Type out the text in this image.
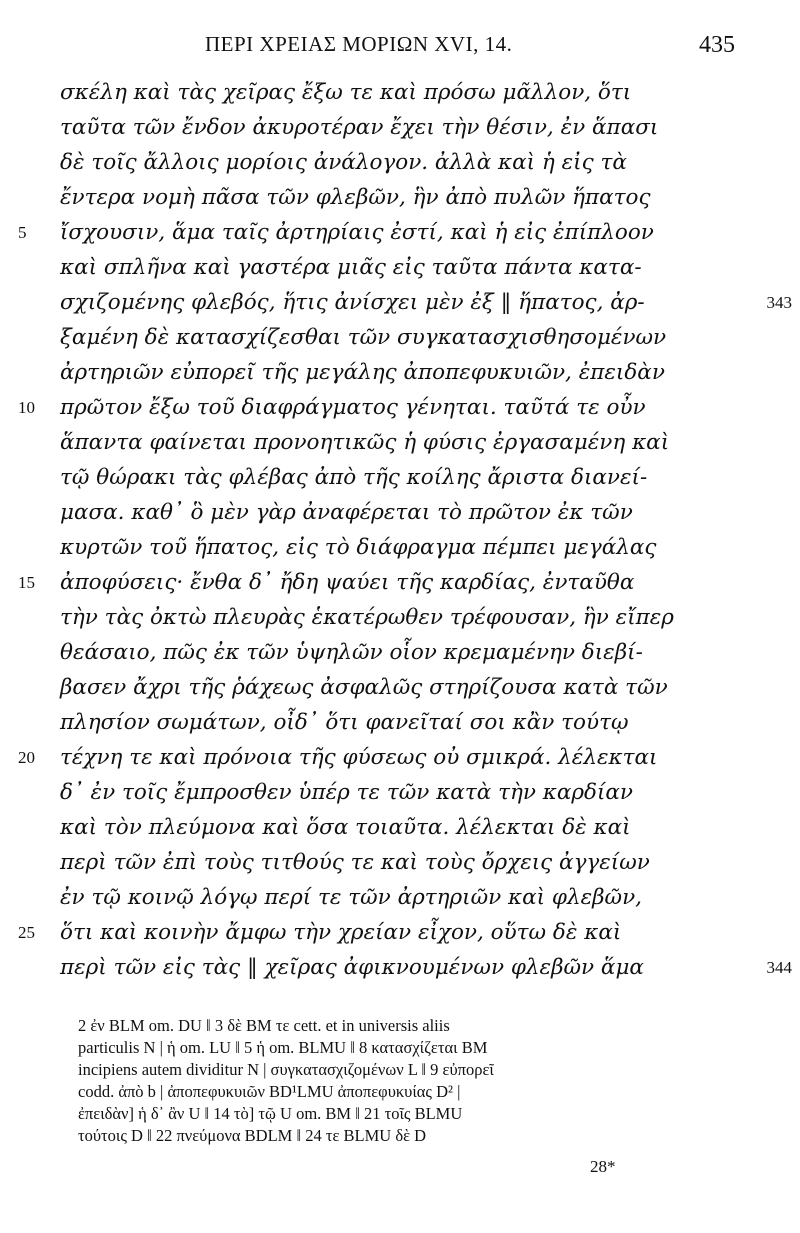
ΠΕΡΙ ΧΡΕΙΑΣ ΜΟΡΙΩΝ XVI, 14.	435
σκέλη καὶ τὰς χεῖρας ἔξω τε καὶ πρόσω μᾶλλον, ὅτι
ταῦτα τῶν ἔνδον ἀκυροτέραν ἔχει τὴν θέσιν, ἐν ἅπασι
δὲ τοῖς ἄλλοις μορίοις ἀνάλογον. ἀλλὰ καὶ ἡ εἰς τὰ
ἔντερα νομὴ πᾶσα τῶν φλεβῶν, ἣν ἀπὸ πυλῶν ἥπατος
5 ἴσχουσιν, ἅμα ταῖς ἀρτηρίαις ἐστί, καὶ ἡ εἰς ἐπίπλοον
καὶ σπλῆνα καὶ γαστέρα μιᾶς εἰς ταῦτα πάντα κατα-
σχιζομένης φλεβός, ἥτις ἀνίσχει μὲν ἐξ ‖ ἥπατος, ἀρ-	343
ξαμένη δὲ κατασχίζεσθαι τῶν συγκατασχισθησομένων
ἀρτηριῶν εὐπορεῖ τῆς μεγάλης ἀποπεφυκυιῶν, ἐπειδὰν
10 πρῶτον ἔξω τοῦ διαφράγματος γένηται. ταῦτά τε οὖν
ἅπαντα φαίνεται προνοητικῶς ἡ φύσις ἐργασαμένη καὶ
τῷ θώρακι τὰς φλέβας ἀπὸ τῆς κοίλης ἄριστα διανεί-
μασα. καθ᾽ ὃ μὲν γὰρ ἀναφέρεται τὸ πρῶτον ἐκ τῶν
κυρτῶν τοῦ ἥπατος, εἰς τὸ διάφραγμα πέμπει μεγάλας
15 ἀποφύσεις· ἔνθα δ᾽ ἤδη ψαύει τῆς καρδίας, ἐνταῦθα
τὴν τὰς ὀκτὼ πλευρὰς ἑκατέρωθεν τρέφουσαν, ἣν εἴπερ
θεάσαιο, πῶς ἐκ τῶν ὑψηλῶν οἷον κρεμαμένην διεβί-
βασεν ἄχρι τῆς ῥάχεως ἀσφαλῶς στηρίζουσα κατὰ τῶν
πλησίον σωμάτων, οἶδ᾽ ὅτι φανεῖταί σοι κἂν τούτῳ
20 τέχνη τε καὶ πρόνοια τῆς φύσεως οὐ σμικρά. λέλεκται
δ᾽ ἐν τοῖς ἔμπροσθεν ὑπέρ τε τῶν κατὰ τὴν καρδίαν
καὶ τὸν πλεύμονα καὶ ὅσα τοιαῦτα. λέλεκται δὲ καὶ
περὶ τῶν ἐπὶ τοὺς τιτθούς τε καὶ τοὺς ὄρχεις ἀγγείων
ἐν τῷ κοινῷ λόγῳ περί τε τῶν ἀρτηριῶν καὶ φλεβῶν,
25 ὅτι καὶ κοινὴν ἄμφω τὴν χρείαν εἶχον, οὕτω δὲ καὶ
περὶ τῶν εἰς τὰς ‖ χεῖρας ἀφικνουμένων φλεβῶν ἅμα	344
2 ἐν BLM om. DU ‖ 3 δὲ BM τε cett. et in universis aliis
particulis N | ἡ om. LU ‖ 5 ἡ om. BLMU ‖ 8 κατασχίζεται BM
incipiens autem dividitur N | συγκατασχιζομένων L ‖ 9 εὐπορεῖ
codd. ἀπὸ b | ἀποπεφυκυιῶν BD¹LMU ἀποπεφυκυίας D² |
ἐπειδὰν] ἡ δ᾽ ἂν U ‖ 14 τὸ] τῷ U om. BM ‖ 21 τοῖς BLMU
τούτοις D ‖ 22 πνεύμονα BDLM ‖ 24 τε BLMU δὲ D
28*
